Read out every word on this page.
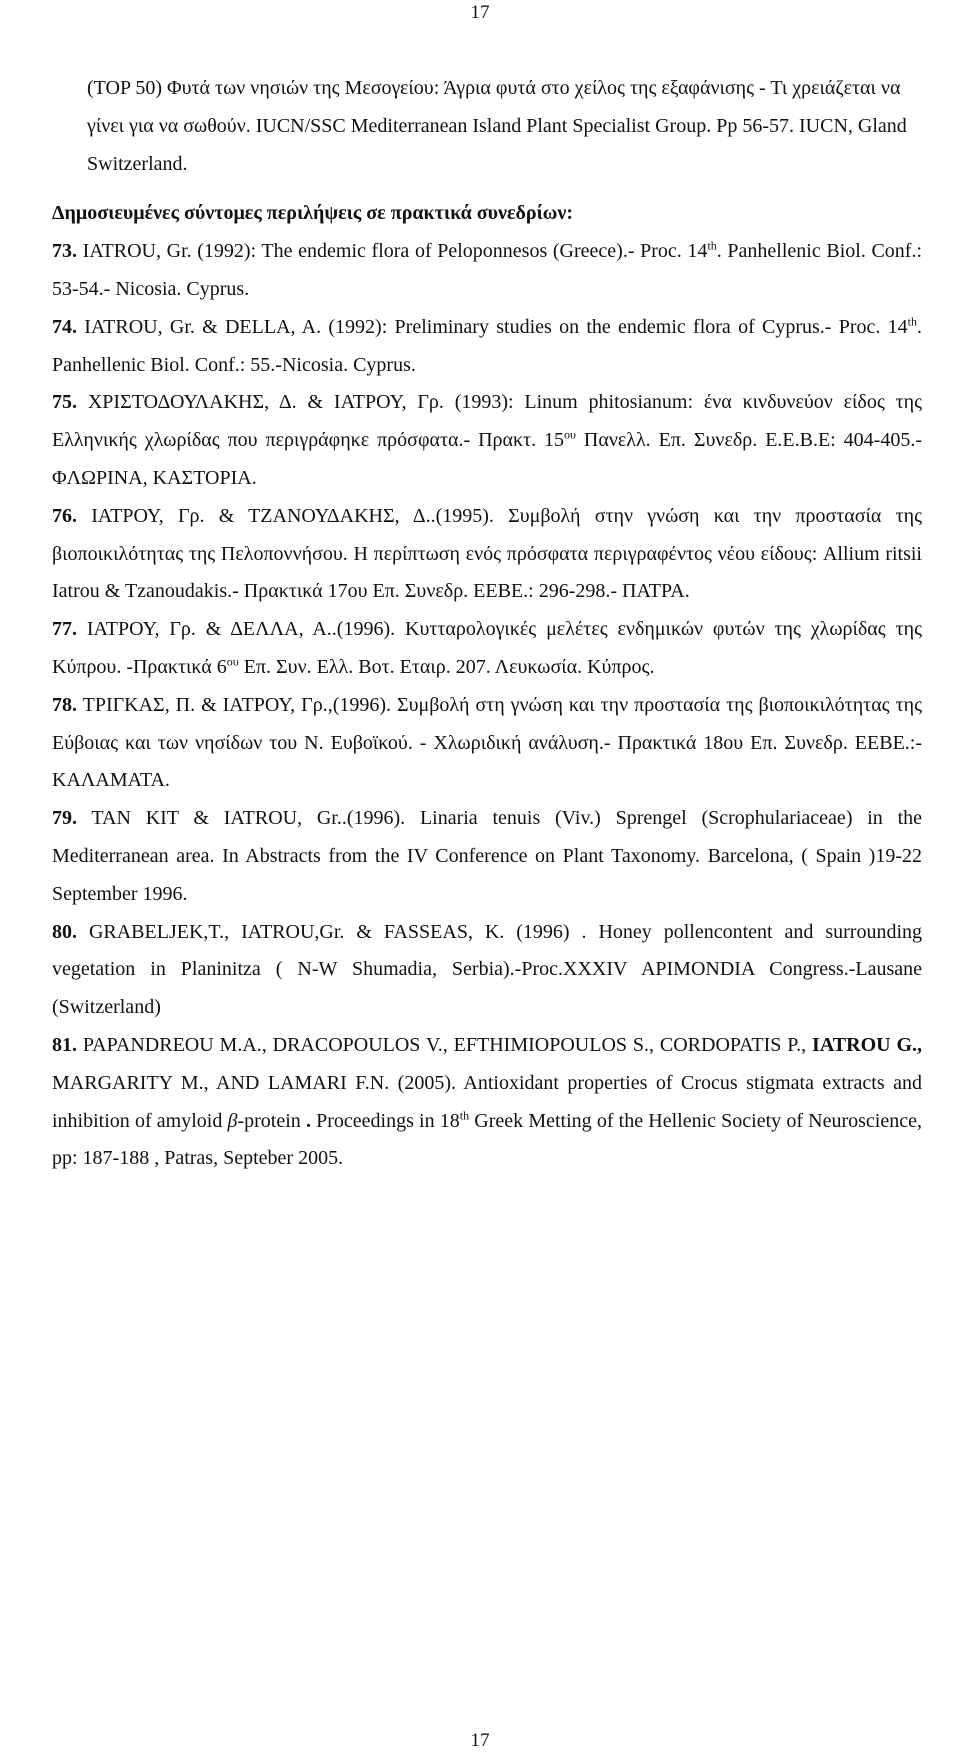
17

(TOP 50) Φυτά των νησιών της Μεσογείου: Άγρια φυτά στο χείλος της εξαφάνισης - Τι χρειάζεται να γίνει για να σωθούν. IUCN/SSC Mediterranean Island Plant Specialist Group. Pp 56-57. IUCN, Gland Switzerland.

Δημοσιευμένες σύντομες περιλήψεις σε πρακτικά συνεδρίων:

73. IATROU, Gr. (1992): The endemic flora of Peloponnesos (Greece).- Proc. 14th. Panhellenic Biol. Conf.: 53-54.- Nicosia. Cyprus.
74. IATROU, Gr. & DELLA, A. (1992): Preliminary studies on the endemic flora of Cyprus.- Proc. 14th. Panhellenic Biol. Conf.: 55.-Nicosia. Cyprus.
75. ΧΡΙΣΤΟΔΟΥΛΑΚΗΣ, Δ. & ΙΑΤΡΟΥ, Γρ. (1993): Linum phitosianum: ένα κινδυνεύον είδος της Ελληνικής χλωρίδας που περιγράφηκε πρόσφατα.- Πρακτ. $15^{o\upsilon}$ Πανελλ. Επ. Συνεδρ. Ε.Ε.Β.Ε: 404-405.- ΦΛΩΡΙΝΑ, ΚΑΣΤΟΡΙΑ.
76. ΙΑΤΡΟΥ, Γρ. & ΤΖΑΝΟΥΔΑΚΗΣ, Δ..(1995). Συμβολή στην γνώση και την προστασία της βιοποικιλότητας της Πελοποννήσου. Η περίπτωση ενός πρόσφατα περιγραφέντος νέου είδους: Allium ritsii Iatrou & Tzanoudakis.- Πρακτικά 17ου Επ. Συνεδρ. ΕΕΒΕ.: 296-298.- ΠΑΤΡΑ.
77. ΙΑΤΡΟΥ, Γρ. & ΔΕΛΛΑ, Α..(1996). Κυτταρολογικές μελέτες ενδημικών φυτών της χλωρίδας της Κύπρου. -Πρακτικά $6^{o\upsilon}$ Επ. Συν. Ελλ. Βοτ. Εταιρ. 207. Λευκωσία. Κύπρος.
78. ΤΡΙΓΚΑΣ, Π. & ΙΑΤΡΟΥ, Γρ.,(1996). Συμβολή στη γνώση και την προστασία της βιοποικιλότητας της Εύβοιας και των νησίδων του Ν. Ευβοϊκού. - Χλωριδική ανάλυση.- Πρακτικά 18ου Επ. Συνεδρ. ΕΕΒΕ.:-ΚΑΛΑΜΑΤΑ.
79. TAN KIT & IATROU, Gr..(1996). Linaria tenuis (Viv.) Sprengel (Scrophulariaceae) in the Mediterranean area. In Abstracts from the IV Conference on Plant Taxonomy. Barcelona, ( Spain )19-22 September 1996.
80. GRABELJEK,T., IATROU,Gr. & FASSEAS, K. (1996) . Honey pollencontent and surrounding vegetation in Planinitza ( N-W Shumadia, Serbia).-Proc.XXXIV APIMONDIA Congress.-Lausane (Switzerland)
81. PAPANDREOU M.A., DRACOPOULOS V., EFTHIMIOPOULOS S., CORDOPATIS P., IATROU G., MARGARITY M., AND LAMARI F.N. (2005). Antioxidant properties of Crocus stigmata extracts and inhibition of amyloid β-protein . Proceedings in 18th Greek Metting of the Hellenic Society of Neuroscience, pp: 187-188 , Patras, Septeber 2005.
17
